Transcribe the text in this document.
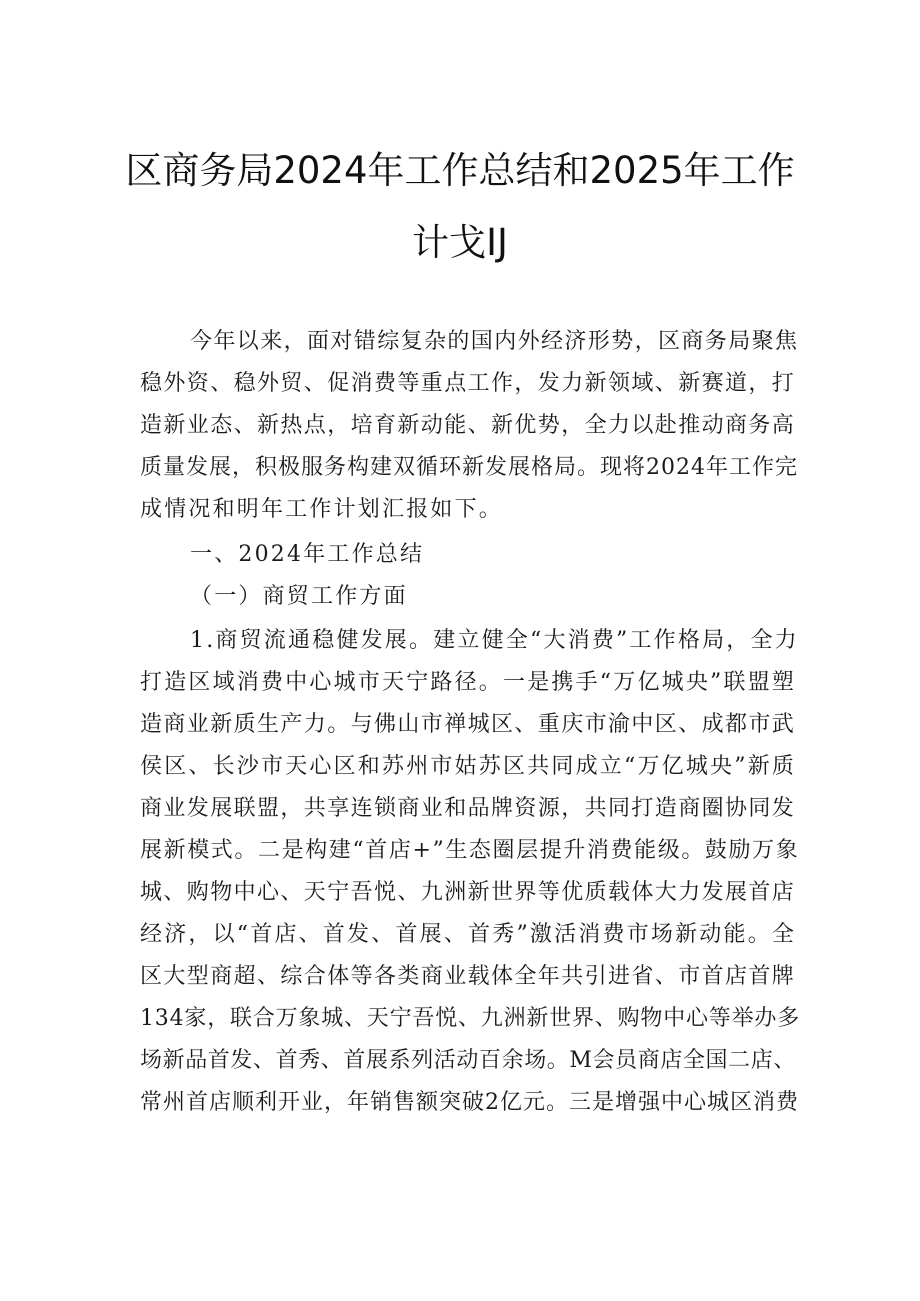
区商务局2024年工作总结和2025年工作
计戈IJ
今年以来，面对错综复杂的国内外经济形势，区商务局聚焦
稳外资、稳外贸、促消费等重点工作，发力新领域、新赛道，打
造新业态、新热点，培育新动能、新优势，全力以赴推动商务高
质量发展，积极服务构建双循环新发展格局。现将2024年工作完
成情况和明年工作计划汇报如下。
一、2024年工作总结
（一）商贸工作方面
1.商贸流通稳健发展。建立健全“大消费”工作格局，全力
打造区域消费中心城市天宁路径。一是携手“万亿城央”联盟塑
造商业新质生产力。与佛山市禅城区、重庆市渝中区、成都市武
侯区、长沙市天心区和苏州市姑苏区共同成立“万亿城央”新质
商业发展联盟，共享连锁商业和品牌资源，共同打造商圈协同发
展新模式。二是构建“首店+”生态圈层提升消费能级。鼓励万象
城、购物中心、天宁吾悦、九洲新世界等优质载体大力发展首店
经济，以“首店、首发、首展、首秀”激活消费市场新动能。全
区大型商超、综合体等各类商业载体全年共引进省、市首店首牌
134家，联合万象城、天宁吾悦、九洲新世界、购物中心等举办多
场新品首发、首秀、首展系列活动百余场。M会员商店全国二店、
常州首店顺利开业，年销售额突破2亿元。三是增强中心城区消费
